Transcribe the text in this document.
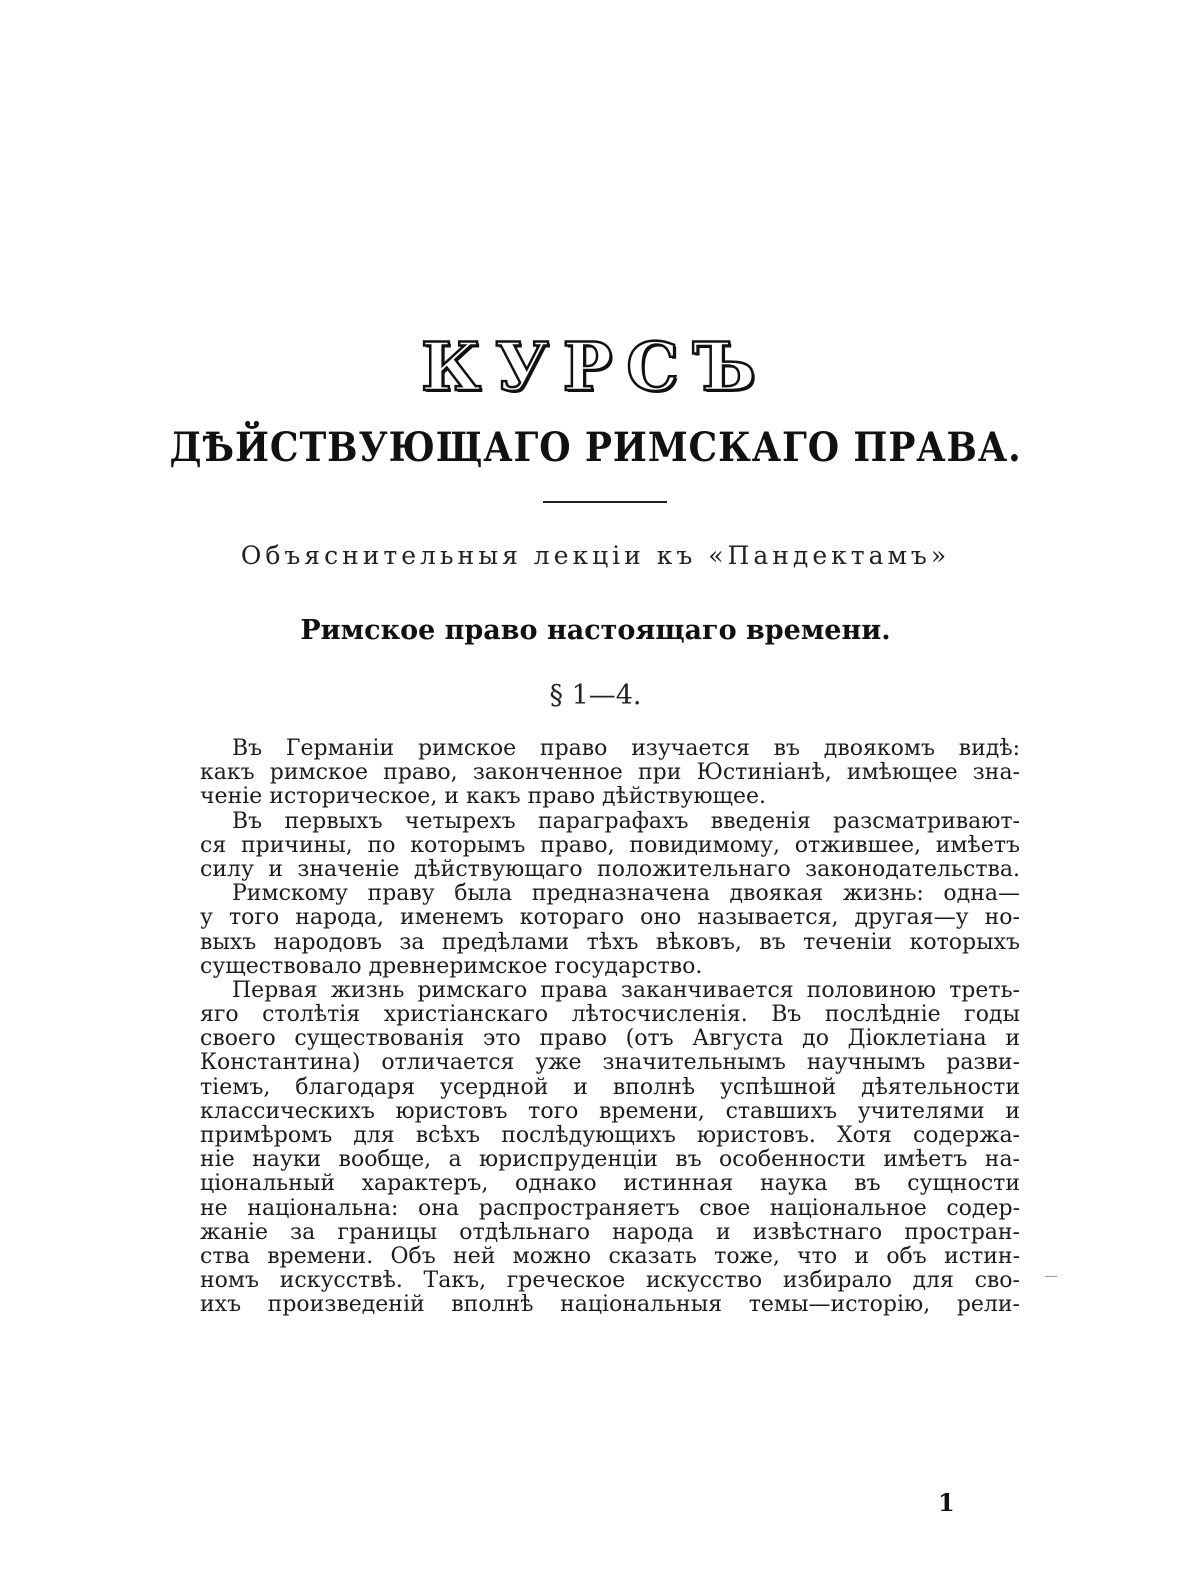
КУРСЪ
ДѢЙСТВУЮЩАГО РИМСКАГО ПРАВА.
Объяснительныя лекціи къ «Пандектамъ»
Римское право настоящаго времени.
§ 1—4.
Въ Германіи римское право изучается въ двоякомъ видѣ:
какъ римское право, законченное при Юстиніанѣ, имѣющее зна-
ченіе историческое, и какъ право дѣйствующее.
Въ первыхъ четырехъ параграфахъ введенія разсматривают-
ся причины, по которымъ право, повидимому, отжившее, имѣетъ
силу и значеніе дѣйствующаго положительнаго законодательства.
Римскому праву была предназначена двоякая жизнь: одна—
у того народа, именемъ котораго оно называется, другая—у но-
выхъ народовъ за предѣлами тѣхъ вѣковъ, въ теченіи которыхъ
существовало древнеримское государство.
Первая жизнь римскаго права заканчивается половиною треть-
яго столѣтія христіанскаго лѣтосчисленія. Въ послѣдніе годы
своего существованія это право (отъ Августа до Діоклетіана и
Константина) отличается уже значительнымъ научнымъ разви-
тіемъ, благодаря усердной и вполнѣ успѣшной дѣятельности
классическихъ юристовъ того времени, ставшихъ учителями и
примѣромъ для всѣхъ послѣдующихъ юристовъ. Хотя содержа-
ніе науки вообще, а юриспруденціи въ особенности имѣетъ на-
ціональный характеръ, однако истинная наука въ сущности
не національна: она распространяетъ свое національное содер-
жаніе за границы отдѣльнаго народа и извѣстнаго простран-
ства времени. Объ ней можно сказать тоже, что и объ истин-
номъ искусствѣ. Такъ, греческое искусство избирало для сво-
ихъ произведеній вполнѣ національныя темы—исторію, рели-
1
